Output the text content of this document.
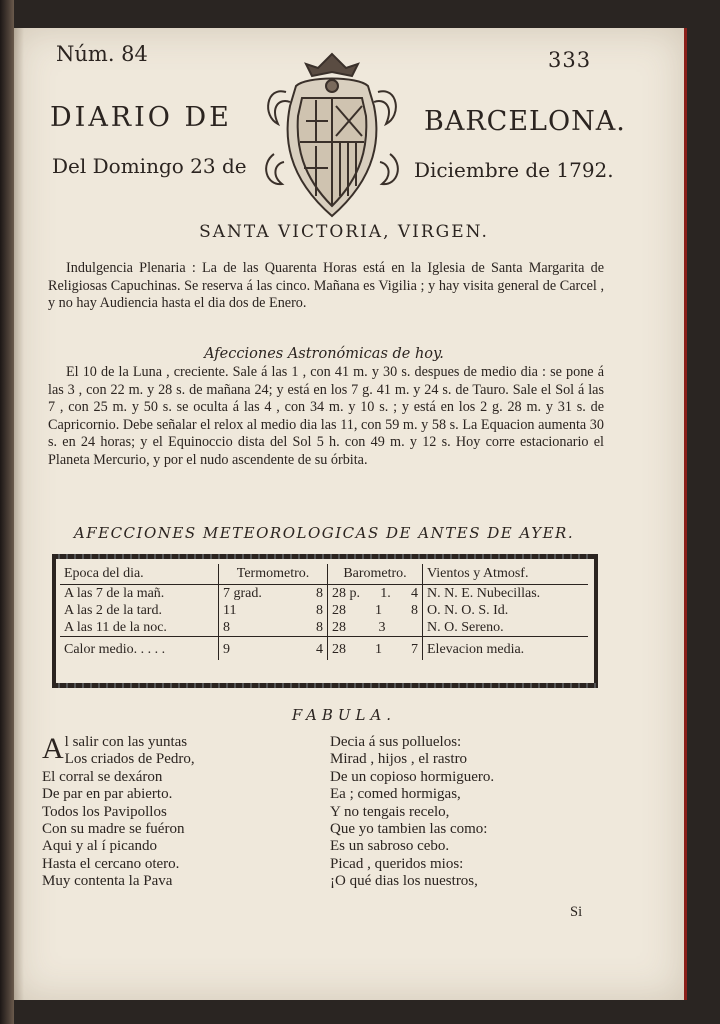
Núm. 84	333
DIARIO DE	BARCELONA.
Del Domingo 23 de	Diciembre de 1792.
SANTA VICTORIA, VIRGEN.
Indulgencia Plenaria : La de las Quarenta Horas está en la Iglesia de Santa Margarita de Religiosas Capuchinas. Se reserva á las cinco. Mañana es Vigilia ; y hay visita general de Carcel , y no hay Audiencia hasta el dia dos de Enero.
Afecciones Astronómicas de hoy.
El 10 de la Luna , creciente. Sale á las 1 , con 41 m. y 30 s. despues de medio dia : se pone á las 3 , con 22 m. y 28 s. de mañana 24; y está en los 7 g. 41 m. y 24 s. de Tauro. Sale el Sol á las 7 , con 25 m. y 50 s. se oculta á las 4 , con 34 m. y 10 s. ; y está en los 2 g. 28 m. y 31 s. de Capricornio. Debe señalar el relox al medio dia las 11, con 59 m. y 58 s. La Equacion aumenta 30 s. en 24 horas; y el Equinoccio dista del Sol 5 h. con 49 m. y 12 s. Hoy corre estacionario el Planeta Mercurio, y por el nudo ascendente de su órbita.
AFECCIONES METEOROLOGICAS DE ANTES DE AYER.
Epoca del dia.	Termometro.	Barometro.	Vientos y Atmosf.
A las 7 de la mañ.	7 grad. 8	28 p. 1. 4	N. N. E. Nubecillas.
A las 2 de la tard.	11 8	28 1 8	O. N. O. S. Id.
A las 11 de la noc.	8 8	28 3	N. O. Sereno.
Calor medio. . . . .	9 4	28 1 7	Elevacion media.
FABULA.
Al salir con las yuntas
Los criados de Pedro,
El corral se dexáron
De par en par abierto.
Todos los Pavipollos
Con su madre se fuéron
Aqui y al í picando
Hasta el cercano otero.
Muy contenta la Pava
Decia á sus polluelos:
Mirad , hijos , el rastro
De un copioso hormiguero.
Ea ; comed hormigas,
Y no tengais recelo,
Que yo tambien las como:
Es un sabroso cebo.
Picad , queridos mios:
¡O qué dias los nuestros,
Si
